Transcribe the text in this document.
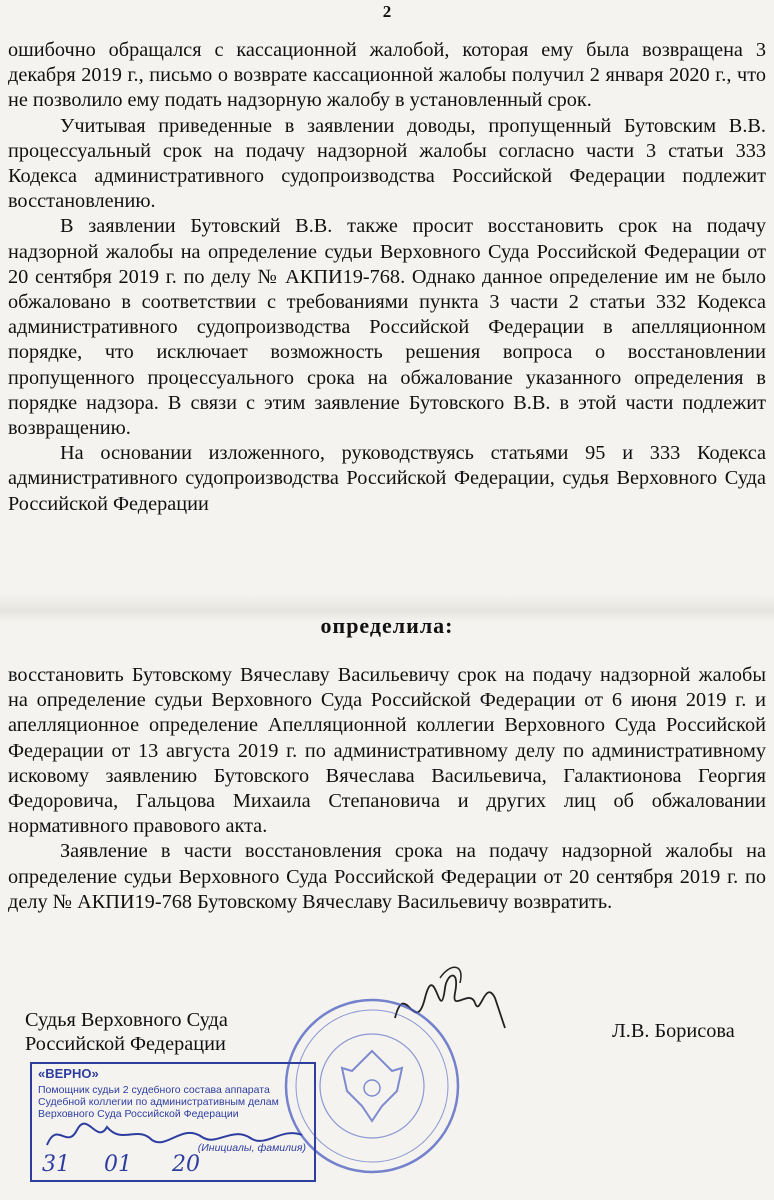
2

ошибочно обращался с кассационной жалобой, которая ему была возвращена 3 декабря 2019 г., письмо о возврате кассационной жалобы получил 2 января 2020 г., что не позволило ему подать надзорную жалобу в установленный срок.

Учитывая приведенные в заявлении доводы, пропущенный Бутовским В.В. процессуальный срок на подачу надзорной жалобы согласно части 3 статьи 333 Кодекса административного судопроизводства Российской Федерации подлежит восстановлению.

В заявлении Бутовский В.В. также просит восстановить срок на подачу надзорной жалобы на определение судьи Верховного Суда Российской Федерации от 20 сентября 2019 г. по делу № АКПИ19-768. Однако данное определение им не было обжаловано в соответствии с требованиями пункта 3 части 2 статьи 332 Кодекса административного судопроизводства Российской Федерации в апелляционном порядке, что исключает возможность решения вопроса о восстановлении пропущенного процессуального срока на обжалование указанного определения в порядке надзора. В связи с этим заявление Бутовского В.В. в этой части подлежит возвращению.

На основании изложенного, руководствуясь статьями 95 и 333 Кодекса административного судопроизводства Российской Федерации, судья Верховного Суда Российской Федерации

определила:

восстановить Бутовскому Вячеславу Васильевичу срок на подачу надзорной жалобы на определение судьи Верховного Суда Российской Федерации от 6 июня 2019 г. и апелляционное определение Апелляционной коллегии Верховного Суда Российской Федерации от 13 августа 2019 г. по административному делу по административному исковому заявлению Бутовского Вячеслава Васильевича, Галактионова Георгия Федоровича, Гальцова Михаила Степановича и других лиц об обжаловании нормативного правового акта.

Заявление в части восстановления срока на подачу надзорной жалобы на определение судьи Верховного Суда Российской Федерации от 20 сентября 2019 г. по делу № АКПИ19-768 Бутовскому Вячеславу Васильевичу возвратить.

Судья Верховного Суда
Российской Федерации
Л.В. Борисова
«ВЕРНО»
Помощник судьи 2 судебного состава аппарата
Судебной коллегии по административным делам
Верховного Суда Российской Федерации
(Инициалы, фамилия)
31 01 20
